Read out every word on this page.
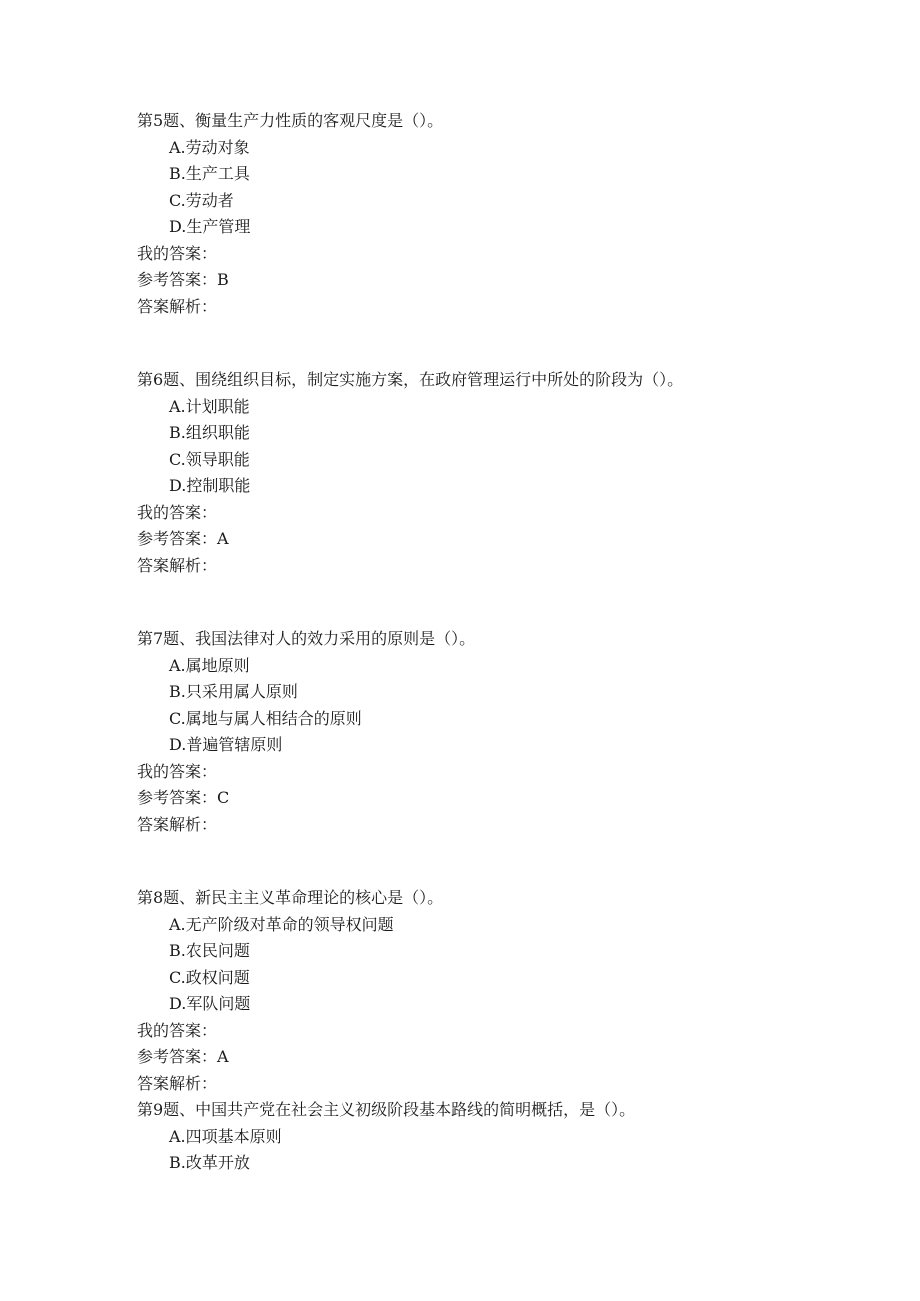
第5题、衡量生产力性质的客观尺度是（）。
A.劳动对象
B.生产工具
C.劳动者
D.生产管理
我的答案：
参考答案：B
答案解析：
第6题、围绕组织目标，制定实施方案，在政府管理运行中所处的阶段为（）。
A.计划职能
B.组织职能
C.领导职能
D.控制职能
我的答案：
参考答案：A
答案解析：
第7题、我国法律对人的效力采用的原则是（）。
A.属地原则
B.只采用属人原则
C.属地与属人相结合的原则
D.普遍管辖原则
我的答案：
参考答案：C
答案解析：
第8题、新民主主义革命理论的核心是（）。
A.无产阶级对革命的领导权问题
B.农民问题
C.政权问题
D.军队问题
我的答案：
参考答案：A
答案解析：
第9题、中国共产党在社会主义初级阶段基本路线的简明概括，是（）。
A.四项基本原则
B.改革开放
